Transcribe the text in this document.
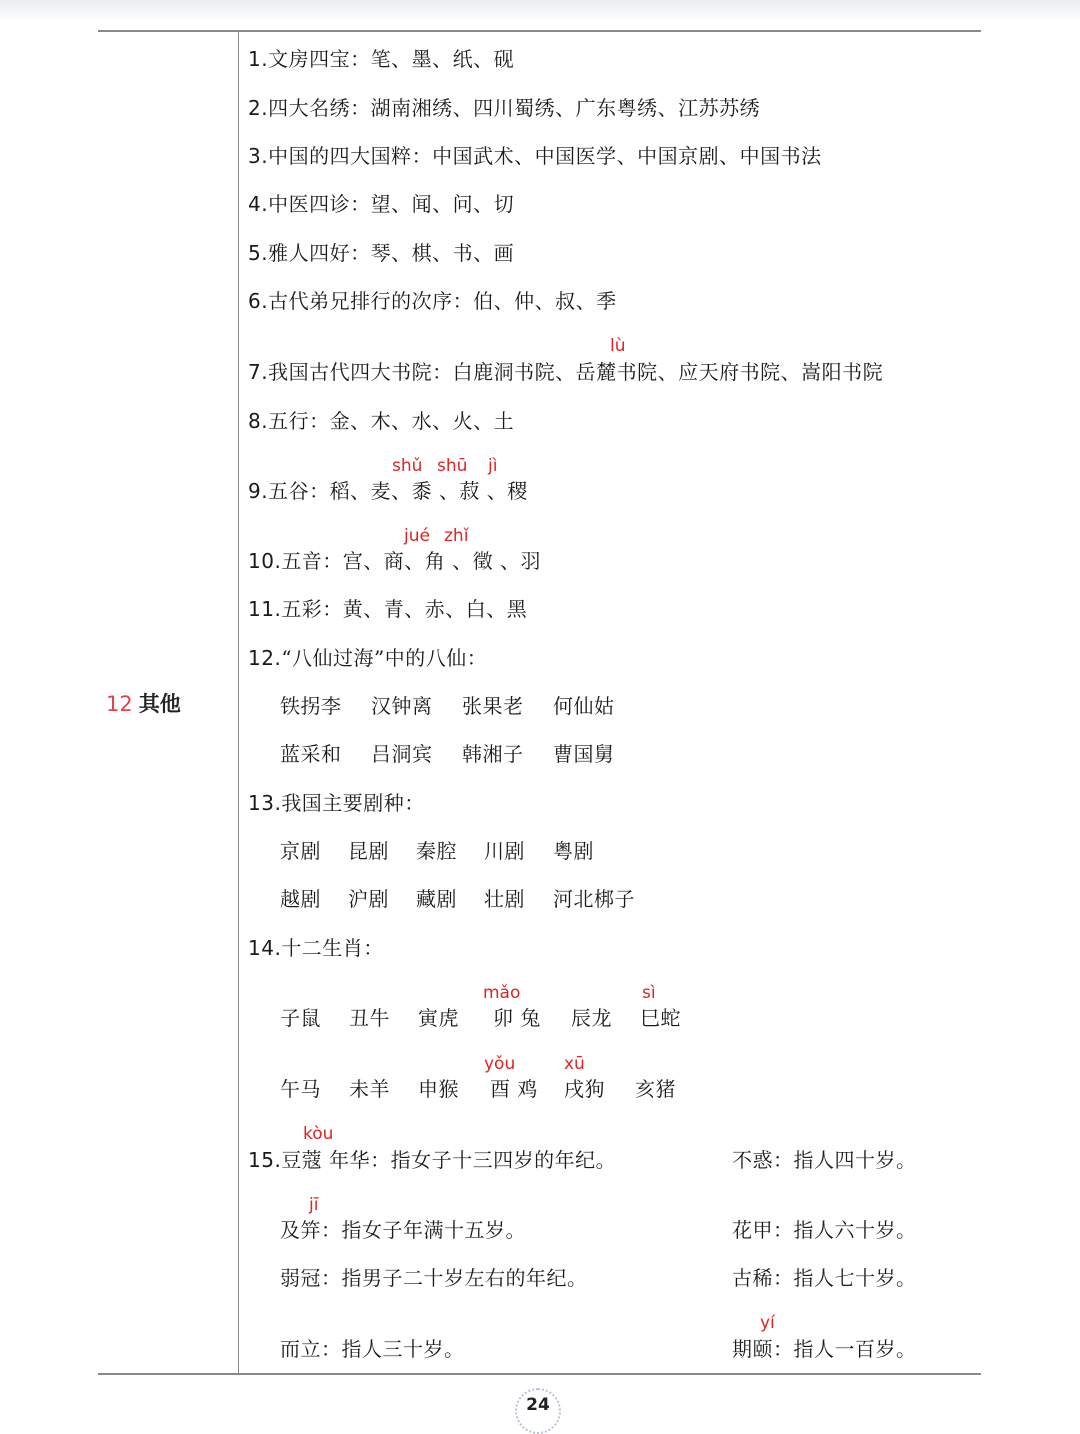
12 其他
1.文房四宝：笔、墨、纸、砚
2.四大名绣：湖南湘绣、四川蜀绣、广东粤绣、江苏苏绣
3.中国的四大国粹：中国武术、中国医学、中国京剧、中国书法
4.中医四诊：望、闻、问、切
5.雅人四好：琴、棋、书、画
6.古代弟兄排行的次序：伯、仲、叔、季
lù
7.我国古代四大书院：白鹿洞书院、岳麓书院、应天府书院、嵩阳书院
8.五行：金、木、水、火、土
shǔ shū jì
9.五谷：稻、麦、黍 、菽 、稷
jué zhǐ
10.五音：宫、商、角 、徵 、羽
11.五彩：黄、青、赤、白、黑
12.“八仙过海”中的八仙：
铁拐李 汉钟离 张果老 何仙姑
蓝采和 吕洞宾 韩湘子 曹国舅
13.我国主要剧种：
京剧 昆剧 秦腔 川剧 粤剧
越剧 沪剧 藏剧 壮剧 河北梆子
14.十二生肖：
mǎo	sì
子鼠 丑牛 寅虎 卯 兔 辰龙 巳蛇
yǒu	xū
午马 未羊 申猴 酉 鸡 戌狗 亥猪
kòu
15.豆蔻 年华：指女子十三四岁的年纪。	不惑：指人四十岁。
jī
及笄：指女子年满十五岁。	花甲：指人六十岁。
弱冠：指男子二十岁左右的年纪。	古稀：指人七十岁。
yí
而立：指人三十岁。	期颐：指人一百岁。
24
